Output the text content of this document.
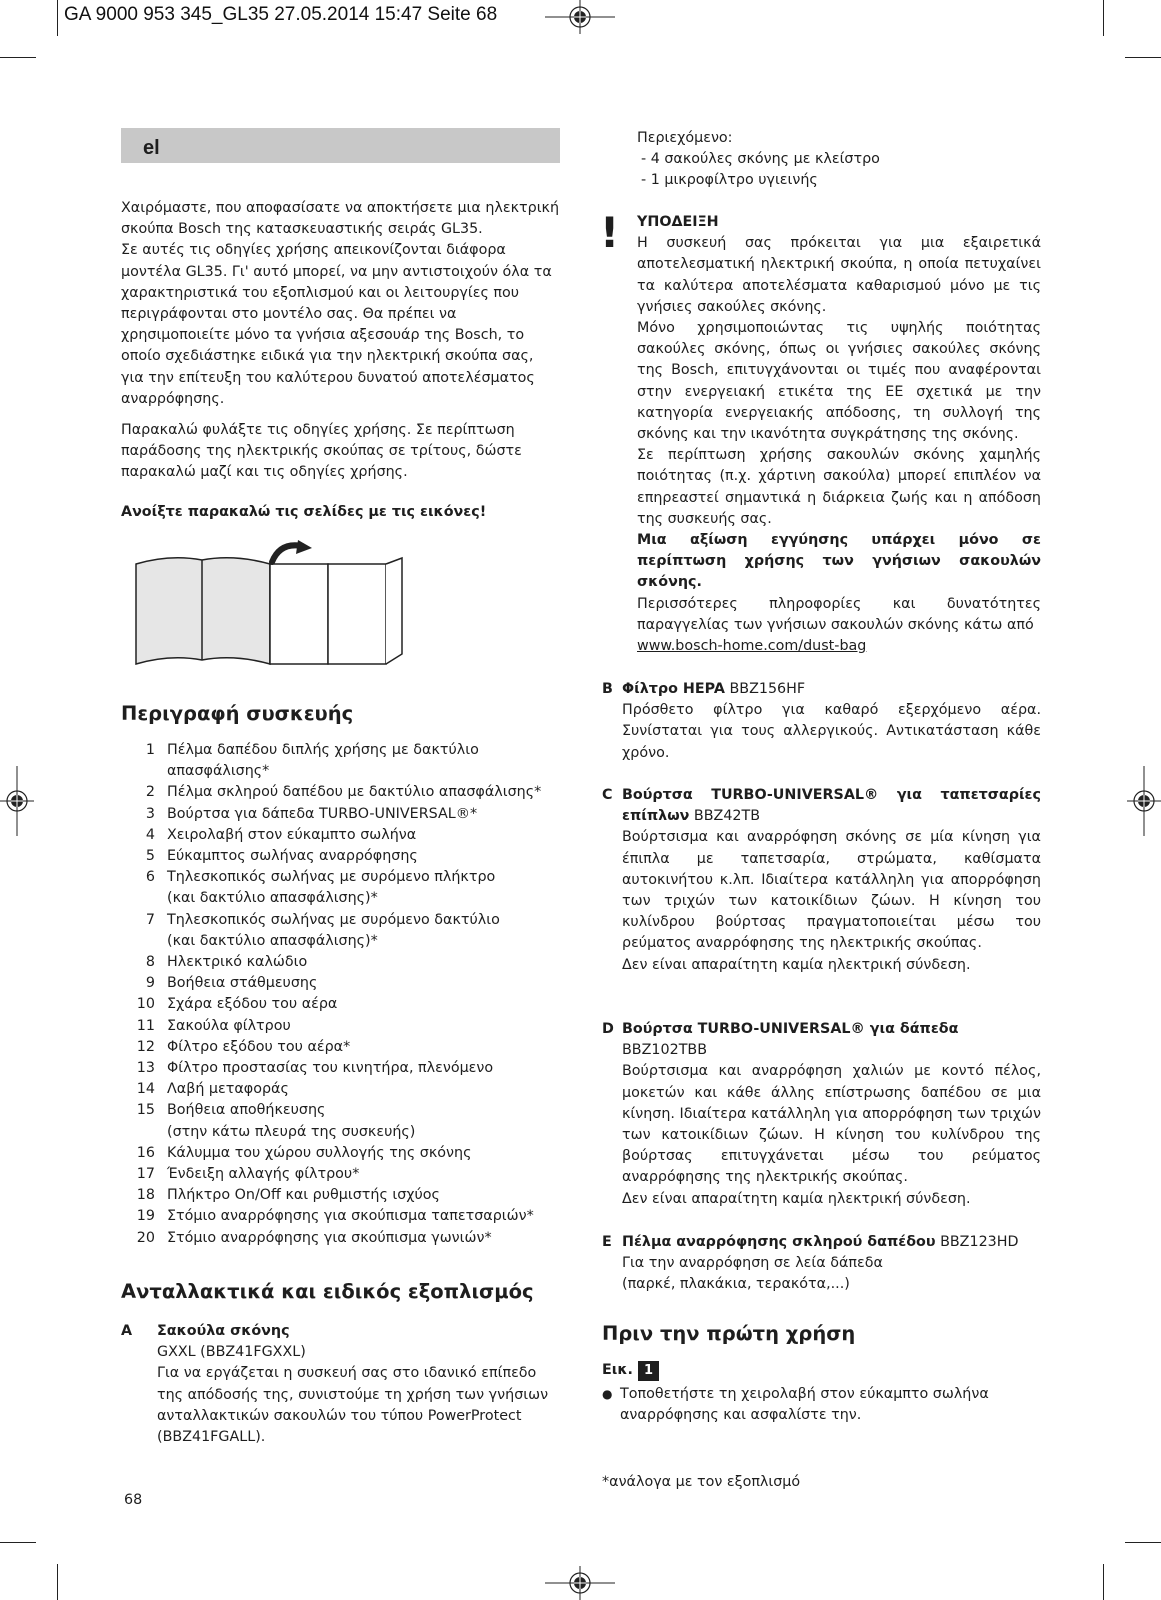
GA 9000 953 345_GL35 27.05.2014 15:47 Seite 68
el

Χαιρόμαστε, που αποφασίσατε να αποκτήσετε μια ηλεκτρική σκούπα Bosch της κατασκευαστικής σειράς GL35.

Σε αυτές τις οδηγίες χρήσης απεικονίζονται διάφορα μοντέλα GL35. Γι' αυτό μπορεί, να μην αντιστοιχούν όλα τα χαρακτηριστικά του εξοπλισμού και οι λειτουργίες που περιγράφονται στο μοντέλο σας. Θα πρέπει να χρησιμοποιείτε μόνο τα γνήσια αξεσουάρ της Bosch, το οποίο σχεδιάστηκε ειδικά για την ηλεκτρική σκούπα σας, για την επίτευξη του καλύτερου δυνατού αποτελέσματος αναρρόφησης.

Παρακαλώ φυλάξτε τις οδηγίες χρήσης. Σε περίπτωση παράδοσης της ηλεκτρικής σκούπας σε τρίτους, δώστε παρακαλώ μαζί και τις οδηγίες χρήσης.

Ανοίξτε παρακαλώ τις σελίδες με τις εικόνες!

Περιγραφή συσκευής
1 Πέλμα δαπέδου διπλής χρήσης με δακτύλιο
απασφάλισης*
2 Πέλμα σκληρού δαπέδου με δακτύλιο απασφάλισης*
3 Βούρτσα για δάπεδα TURBO-UNIVERSAL®*
4 Χειρολαβή στον εύκαμπτο σωλήνα
5 Εύκαμπτος σωλήνας αναρρόφησης
6 Τηλεσκοπικός σωλήνας με συρόμενο πλήκτρο
(και δακτύλιο απασφάλισης)*
7 Τηλεσκοπικός σωλήνας με συρόμενο δακτύλιο
(και δακτύλιο απασφάλισης)*
8 Ηλεκτρικό καλώδιο
9 Βοήθεια στάθμευσης
10 Σχάρα εξόδου του αέρα
11 Σακούλα φίλτρου
12 Φίλτρο εξόδου του αέρα*
13 Φίλτρο προστασίας του κινητήρα, πλενόμενο
14 Λαβή μεταφοράς
15 Βοήθεια αποθήκευσης
(στην κάτω πλευρά της συσκευής)
16 Κάλυμμα του χώρου συλλογής της σκόνης
17 Ένδειξη αλλαγής φίλτρου*
18 Πλήκτρο On/Off και ρυθμιστής ισχύος
19 Στόμιο αναρρόφησης για σκούπισμα ταπετσαριών*
20 Στόμιο αναρρόφησης για σκούπισμα γωνιών*
Ανταλλακτικά και ειδικός εξοπλισμός
A	Σακούλα σκόνης

GXXL (BBZ41FGXXL)

Για να εργάζεται η συσκευή σας στο ιδανικό επίπεδο της απόδοσής της, συνιστούμε τη χρήση των γνήσιων ανταλλακτικών σακουλών του τύπου PowerProtect (BBZ41FGALL).

68

Περιεχόμενο:

- 4 σακούλες σκόνης με κλείστρο

- 1 μικροφίλτρο υγιεινής

! ΥΠΟΔΕΙΞΗ

Η συσκευή σας πρόκειται για μια εξαιρετικά αποτελεσματική ηλεκτρική σκούπα, η οποία πετυχαίνει τα καλύτερα αποτελέσματα καθαρισμού μόνο με τις γνήσιες σακούλες σκόνης.

Μόνο χρησιμοποιώντας τις υψηλής ποιότητας σακούλες σκόνης, όπως οι γνήσιες σακούλες σκόνης της Bosch, επιτυγχάνονται οι τιμές που αναφέρονται στην ενεργειακή ετικέτα της ΕΕ σχετικά με την κατηγορία ενεργειακής απόδοσης, τη συλλογή της σκόνης και την ικανότητα συγκράτησης της σκόνης.

Σε περίπτωση χρήσης σακουλών σκόνης χαμηλής ποιότητας (π.χ. χάρτινη σακούλα) μπορεί επιπλέον να επηρεαστεί σημαντικά η διάρκεια ζωής και η απόδοση της συσκευής σας.

Μια αξίωση εγγύησης υπάρχει μόνο σε περίπτωση χρήσης των γνήσιων σακουλών σκόνης.

Περισσότερες πληροφορίες και δυνατότητες παραγγελίας των γνήσιων σακουλών σκόνης κάτω από

www.bosch-home.com/dust-bag

B Φίλτρο HEPA BBZ156HF

Πρόσθετο φίλτρο για καθαρό εξερχόμενο αέρα. Συνίσταται για τους αλλεργικούς. Αντικατάσταση κάθε χρόνο.

C Βούρτσα TURBO-UNIVERSAL® για ταπετσαρίες επίπλων BBZ42TB

Βούρτσισμα και αναρρόφηση σκόνης σε μία κίνηση για έπιπλα με ταπετσαρία, στρώματα, καθίσματα αυτοκινήτου κ.λπ. Ιδιαίτερα κατάλληλη για απορρόφηση των τριχών των κατοικίδιων ζώων. Η κίνηση του κυλίνδρου βούρτσας πραγματοποιείται μέσω του ρεύματος αναρρόφησης της ηλεκτρικής σκούπας.

Δεν είναι απαραίτητη καμία ηλεκτρική σύνδεση.

D Βούρτσα TURBO-UNIVERSAL® για δάπεδα

BBZ102TBB

Βούρτσισμα και αναρρόφηση χαλιών με κοντό πέλος, μοκετών και κάθε άλλης επίστρωσης δαπέδου σε μια κίνηση. Ιδιαίτερα κατάλληλη για απορρόφηση των τριχών των κατοικίδιων ζώων. Η κίνηση του κυλίνδρου της βούρτσας επιτυγχάνεται μέσω του ρεύματος αναρρόφησης της ηλεκτρικής σκούπας.

Δεν είναι απαραίτητη καμία ηλεκτρική σύνδεση.

E Πέλμα αναρρόφησης σκληρού δαπέδου BBZ123HD

Για την αναρρόφηση σε λεία δάπεδα

(παρκέ, πλακάκια, τερακότα,...)

Πριν την πρώτη χρήση
Εικ. 1
● Τοποθετήστε τη χειρολαβή στον εύκαμπτο σωλήνα αναρρόφησης και ασφαλίστε την.
*ανάλογα με τον εξοπλισμό
